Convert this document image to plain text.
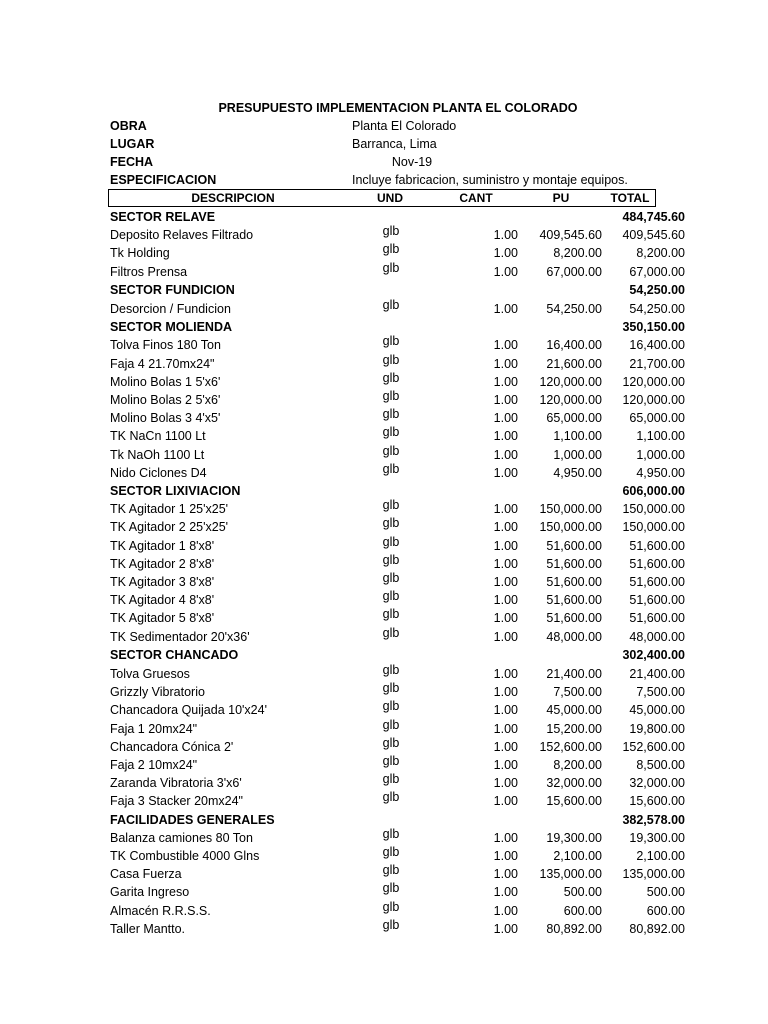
PRESUPUESTO IMPLEMENTACION PLANTA EL COLORADO
OBRA	Planta El Colorado
LUGAR	Barranca, Lima
FECHA	Nov-19
ESPECIFICACION	Incluye fabricacion, suministro y montaje equipos.
DESCRIPCION	UND	CANT	PU	TOTAL
SECTOR RELAVE	484,745.60
Deposito Relaves Filtrado	glb	1.00	409,545.60	409,545.60
Tk Holding	glb	1.00	8,200.00	8,200.00
Filtros Prensa	glb	1.00	67,000.00	67,000.00
SECTOR FUNDICION	54,250.00
Desorcion / Fundicion	glb	1.00	54,250.00	54,250.00
SECTOR MOLIENDA	350,150.00
Tolva Finos 180 Ton	glb	1.00	16,400.00	16,400.00
Faja 4 21.70mx24"	glb	1.00	21,600.00	21,700.00
Molino Bolas 1 5'x6'	glb	1.00	120,000.00	120,000.00
Molino Bolas 2 5'x6'	glb	1.00	120,000.00	120,000.00
Molino Bolas 3 4'x5'	glb	1.00	65,000.00	65,000.00
TK NaCn 1100 Lt	glb	1.00	1,100.00	1,100.00
Tk NaOh 1100 Lt	glb	1.00	1,000.00	1,000.00
Nido Ciclones D4	glb	1.00	4,950.00	4,950.00
SECTOR LIXIVIACION	606,000.00
TK Agitador 1 25'x25'	glb	1.00	150,000.00	150,000.00
TK Agitador 2 25'x25'	glb	1.00	150,000.00	150,000.00
TK Agitador 1 8'x8'	glb	1.00	51,600.00	51,600.00
TK Agitador 2 8'x8'	glb	1.00	51,600.00	51,600.00
TK Agitador 3 8'x8'	glb	1.00	51,600.00	51,600.00
TK Agitador 4 8'x8'	glb	1.00	51,600.00	51,600.00
TK Agitador 5 8'x8'	glb	1.00	51,600.00	51,600.00
TK Sedimentador 20'x36'	glb	1.00	48,000.00	48,000.00
SECTOR CHANCADO	302,400.00
Tolva Gruesos	glb	1.00	21,400.00	21,400.00
Grizzly Vibratorio	glb	1.00	7,500.00	7,500.00
Chancadora Quijada 10'x24'	glb	1.00	45,000.00	45,000.00
Faja 1 20mx24"	glb	1.00	15,200.00	19,800.00
Chancadora Cónica 2'	glb	1.00	152,600.00	152,600.00
Faja 2 10mx24"	glb	1.00	8,200.00	8,500.00
Zaranda Vibratoria 3'x6'	glb	1.00	32,000.00	32,000.00
Faja 3 Stacker 20mx24"	glb	1.00	15,600.00	15,600.00
FACILIDADES GENERALES	382,578.00
Balanza camiones 80 Ton	glb	1.00	19,300.00	19,300.00
TK Combustible 4000 Glns	glb	1.00	2,100.00	2,100.00
Casa Fuerza	glb	1.00	135,000.00	135,000.00
Garita Ingreso	glb	1.00	500.00	500.00
Almacén R.R.S.S.	glb	1.00	600.00	600.00
Taller Mantto.	glb	1.00	80,892.00	80,892.00
